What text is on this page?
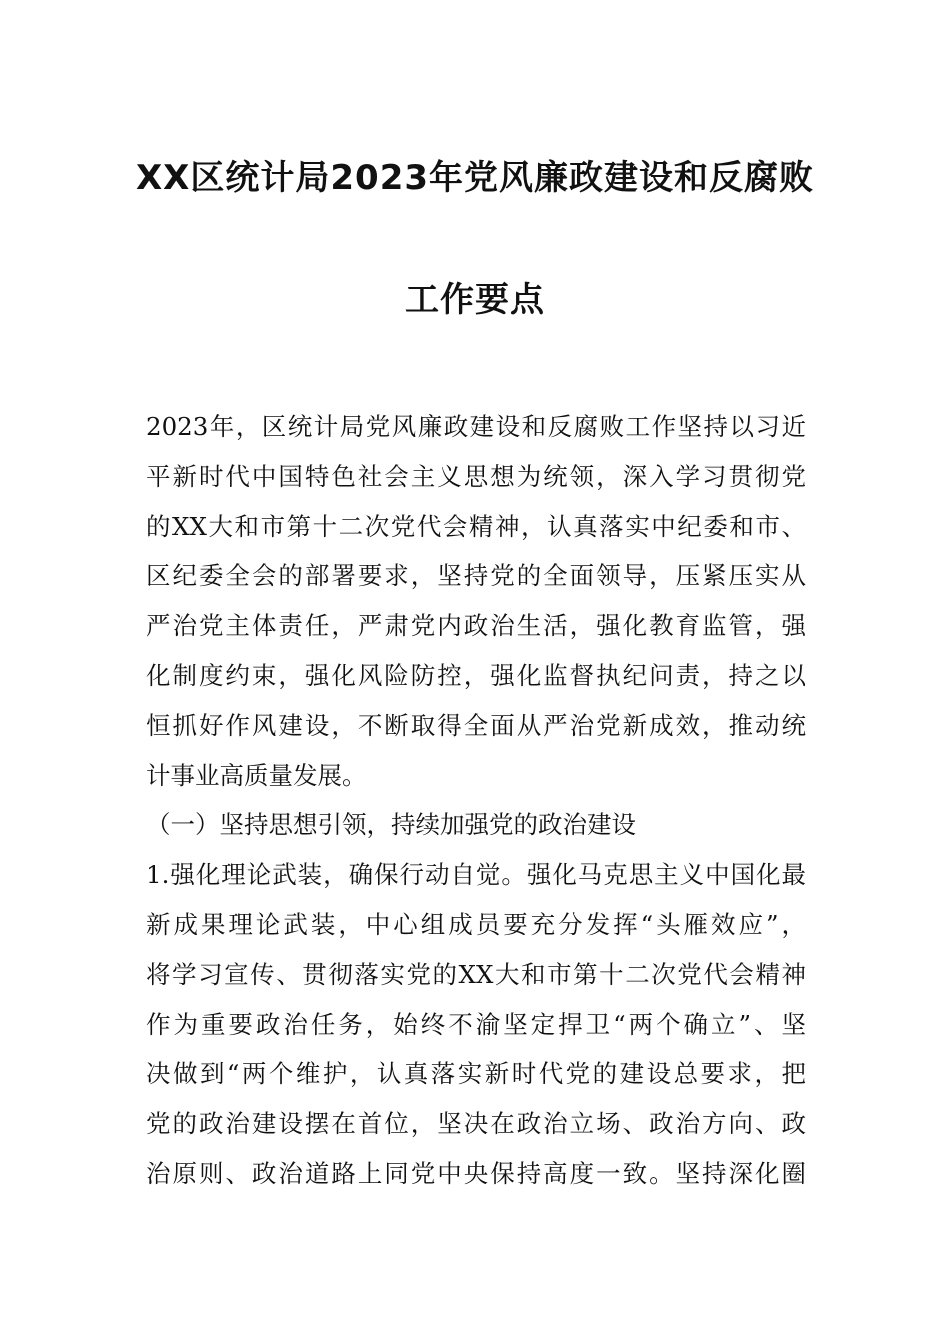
XX区统计局2023年党风廉政建设和反腐败
工作要点

2023年，区统计局党风廉政建设和反腐败工作坚持以习近
平新时代中国特色社会主义思想为统领，深入学习贯彻党
的XX大和市第十二次党代会精神，认真落实中纪委和市、
区纪委全会的部署要求，坚持党的全面领导，压紧压实从
严治党主体责任，严肃党内政治生活，强化教育监管，强
化制度约束，强化风险防控，强化监督执纪问责，持之以
恒抓好作风建设，不断取得全面从严治党新成效，推动统
计事业高质量发展。

（一）坚持思想引领，持续加强党的政治建设

1.强化理论武装，确保行动自觉。强化马克思主义中国化最
新成果理论武装，中心组成员要充分发挥“头雁效应”，
将学习宣传、贯彻落实党的XX大和市第十二次党代会精神
作为重要政治任务，始终不渝坚定捍卫“两个确立”、坚
决做到“两个维护，认真落实新时代党的建设总要求，把
党的政治建设摆在首位，坚决在政治立场、政治方向、政
治原则、政治道路上同党中央保持高度一致。坚持深化圈
